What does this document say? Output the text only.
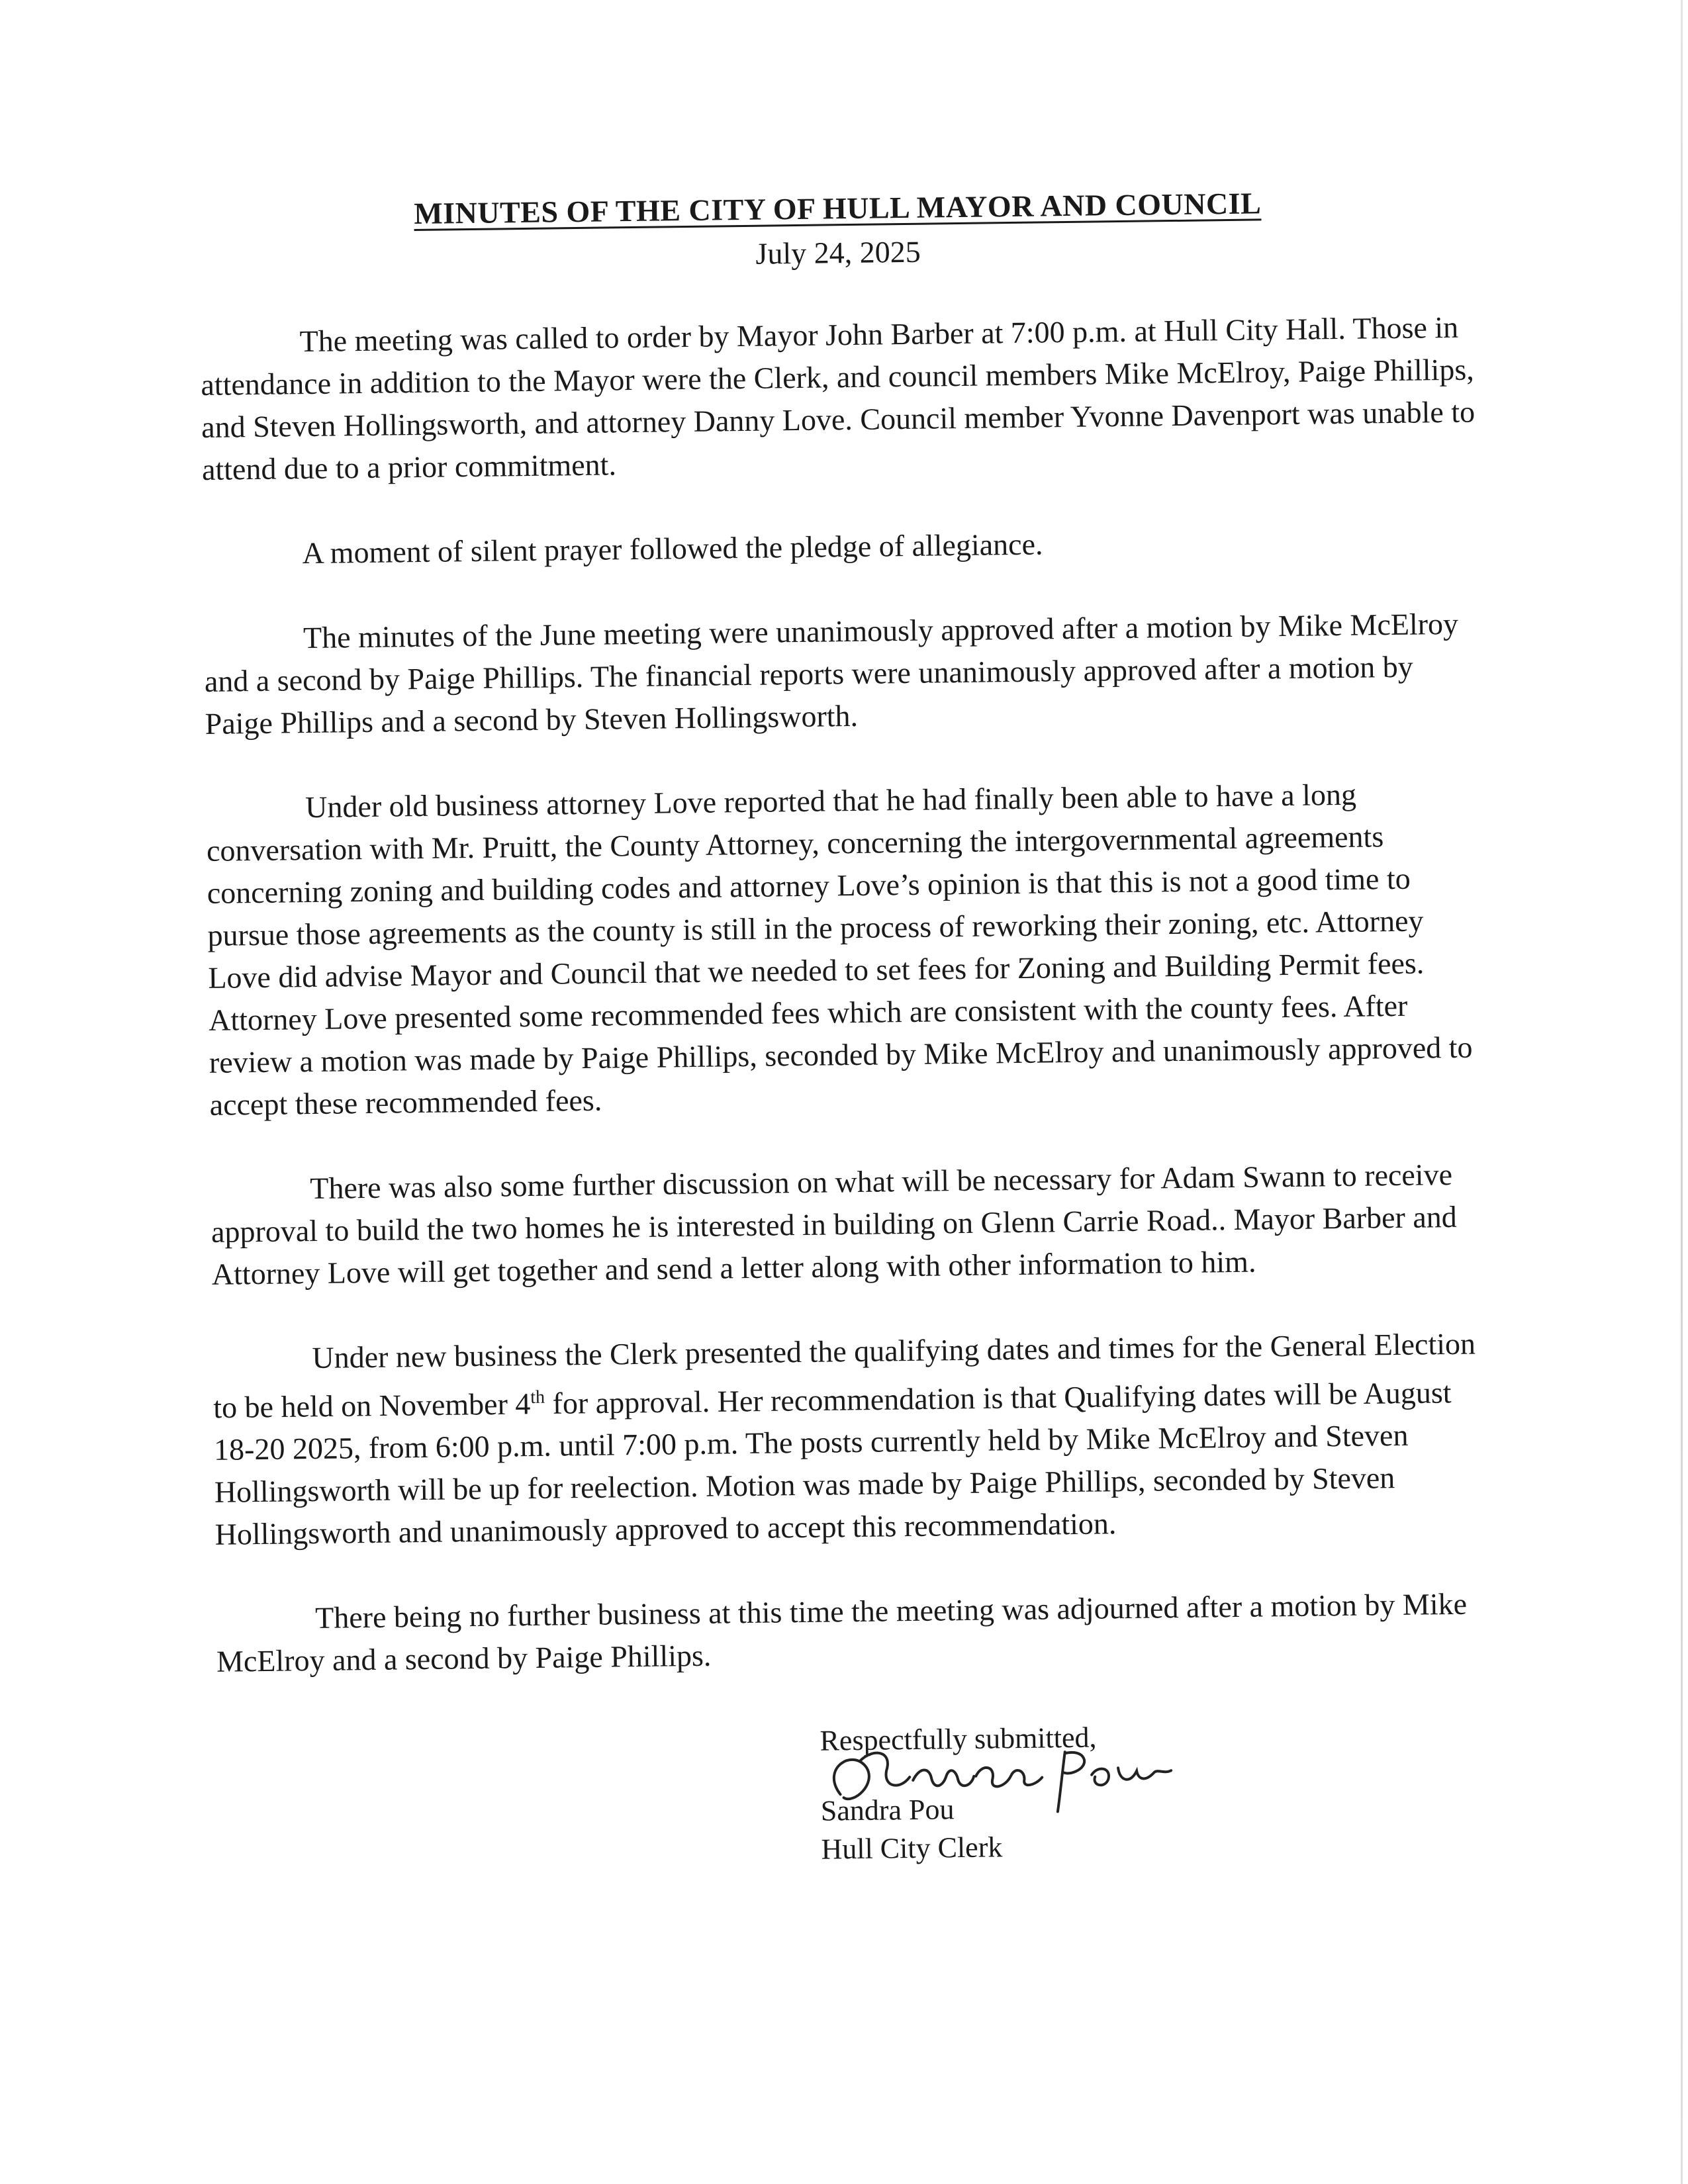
MINUTES OF THE CITY OF HULL MAYOR AND COUNCIL

July 24, 2025

The meeting was called to order by Mayor John Barber at 7:00 p.m. at Hull City Hall. Those in attendance in addition to the Mayor were the Clerk, and council members Mike McElroy, Paige Phillips, and Steven Hollingsworth, and attorney Danny Love. Council member Yvonne Davenport was unable to attend due to a prior commitment.

A moment of silent prayer followed the pledge of allegiance.

The minutes of the June meeting were unanimously approved after a motion by Mike McElroy and a second by Paige Phillips. The financial reports were unanimously approved after a motion by Paige Phillips and a second by Steven Hollingsworth.

Under old business attorney Love reported that he had finally been able to have a long conversation with Mr. Pruitt, the County Attorney, concerning the intergovernmental agreements concerning zoning and building codes and attorney Love’s opinion is that this is not a good time to pursue those agreements as the county is still in the process of reworking their zoning, etc. Attorney Love did advise Mayor and Council that we needed to set fees for Zoning and Building Permit fees. Attorney Love presented some recommended fees which are consistent with the county fees. After review a motion was made by Paige Phillips, seconded by Mike McElroy and unanimously approved to accept these recommended fees.

There was also some further discussion on what will be necessary for Adam Swann to receive approval to build the two homes he is interested in building on Glenn Carrie Road.. Mayor Barber and Attorney Love will get together and send a letter along with other information to him.

Under new business the Clerk presented the qualifying dates and times for the General Election to be held on November 4th for approval. Her recommendation is that Qualifying dates will be August 18-20 2025, from 6:00 p.m. until 7:00 p.m. The posts currently held by Mike McElroy and Steven Hollingsworth will be up for reelection. Motion was made by Paige Phillips, seconded by Steven Hollingsworth and unanimously approved to accept this recommendation.

There being no further business at this time the meeting was adjourned after a motion by Mike McElroy and a second by Paige Phillips.

Respectfully submitted,

Sandra Pou

Hull City Clerk
